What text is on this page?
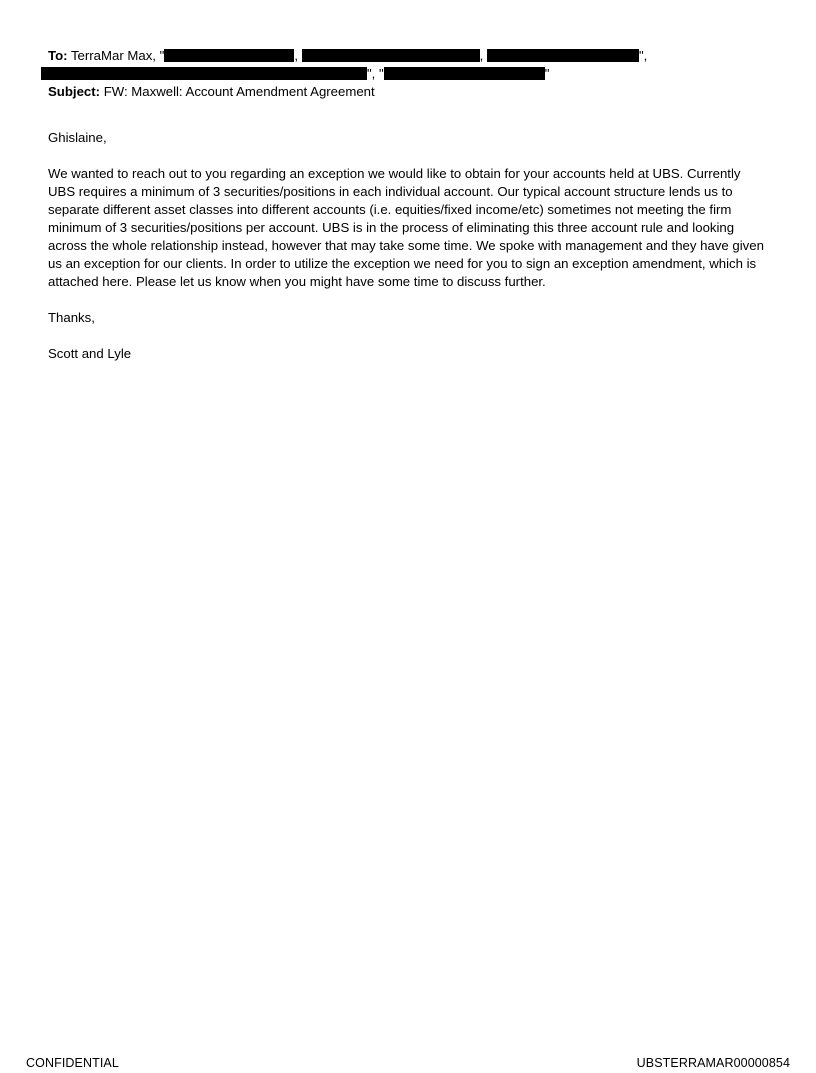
To: TerraMar Max, "	,	,	",
", "	"
Subject: FW: Maxwell: Account Amendment Agreement
Ghislaine,
We wanted to reach out to you regarding an exception we would like to obtain for your accounts held at UBS. Currently UBS requires a minimum of 3 securities/positions in each individual account. Our typical account structure lends us to separate different asset classes into different accounts (i.e. equities/fixed income/etc) sometimes not meeting the firm minimum of 3 securities/positions per account. UBS is in the process of eliminating this three account rule and looking across the whole relationship instead, however that may take some time. We spoke with management and they have given us an exception for our clients. In order to utilize the exception we need for you to sign an exception amendment, which is attached here. Please let us know when you might have some time to discuss further.
Thanks,
Scott and Lyle
CONFIDENTIAL	UBSTERRAMAR00000854
